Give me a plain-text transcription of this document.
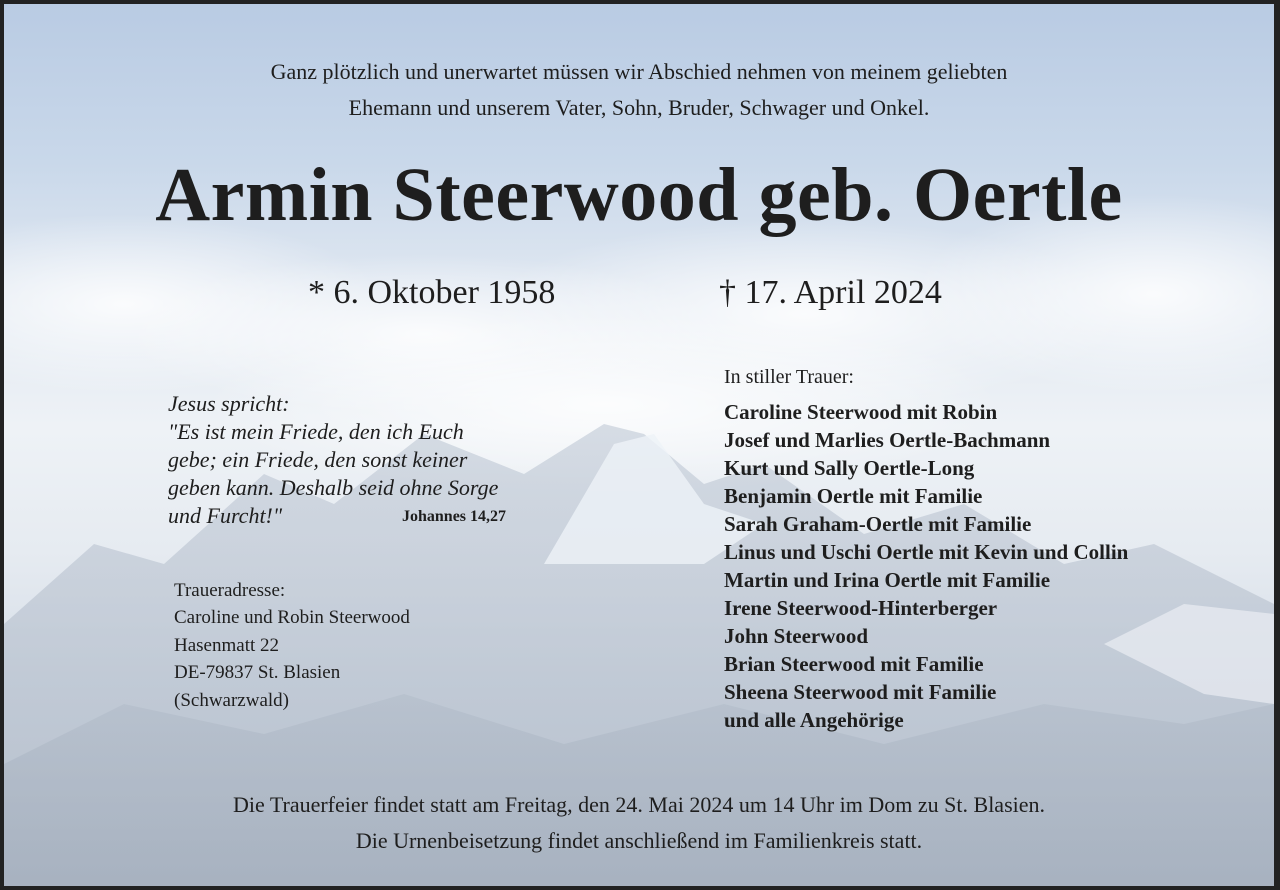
Ganz plötzlich und unerwartet müssen wir Abschied nehmen von meinem geliebten
Ehemann und unserem Vater, Sohn, Bruder, Schwager und Onkel.
Armin Steerwood geb. Oertle
* 6. Oktober 1958	† 17. April 2024
Jesus spricht:
"Es ist mein Friede, den ich Euch
gebe; ein Friede, den sonst keiner
geben kann. Deshalb seid ohne Sorge
und Furcht!"	Johannes 14,27
Traueradresse:
Caroline und Robin Steerwood
Hasenmatt 22
DE-79837 St. Blasien
(Schwarzwald)
In stiller Trauer:
Caroline Steerwood mit Robin
Josef und Marlies Oertle-Bachmann
Kurt und Sally Oertle-Long
Benjamin Oertle mit Familie
Sarah Graham-Oertle mit Familie
Linus und Uschi Oertle mit Kevin und Collin
Martin und Irina Oertle mit Familie
Irene Steerwood-Hinterberger
John Steerwood
Brian Steerwood mit Familie
Sheena Steerwood mit Familie
und alle Angehörige
Die Trauerfeier findet statt am Freitag, den 24. Mai 2024 um 14 Uhr im Dom zu St. Blasien.
Die Urnenbeisetzung findet anschließend im Familienkreis statt.
